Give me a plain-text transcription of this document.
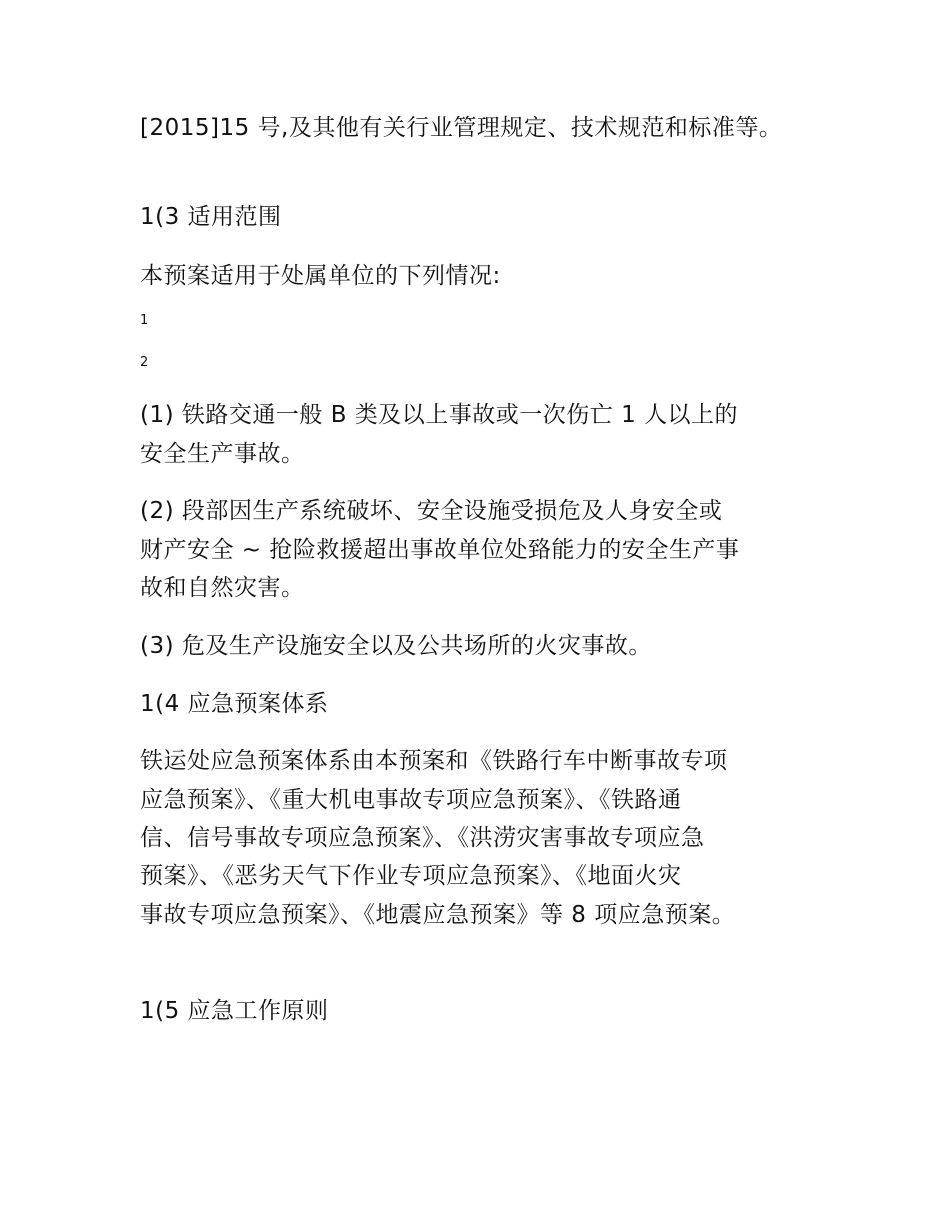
[2015]15 号,及其他有关行业管理规定、技术规范和标准等。
1(3 适用范围
本预案适用于处属单位的下列情况:
1
2
(1) 铁路交通一般 B 类及以上事故或一次伤亡 1 人以上的
安全生产事故。
(2) 段部因生产系统破坏、安全设施受损危及人身安全或
财产安全 ~ 抢险救援超出事故单位处臵能力的安全生产事
故和自然灾害。
(3) 危及生产设施安全以及公共场所的火灾事故。
1(4 应急预案体系
铁运处应急预案体系由本预案和《铁路行车中断事故专项
应急预案》、《重大机电事故专项应急预案》、《铁路通
信、信号事故专项应急预案》、《洪涝灾害事故专项应急
预案》、《恶劣天气下作业专项应急预案》、《地面火灾
事故专项应急预案》、《地震应急预案》等 8 项应急预案。
1(5 应急工作原则
